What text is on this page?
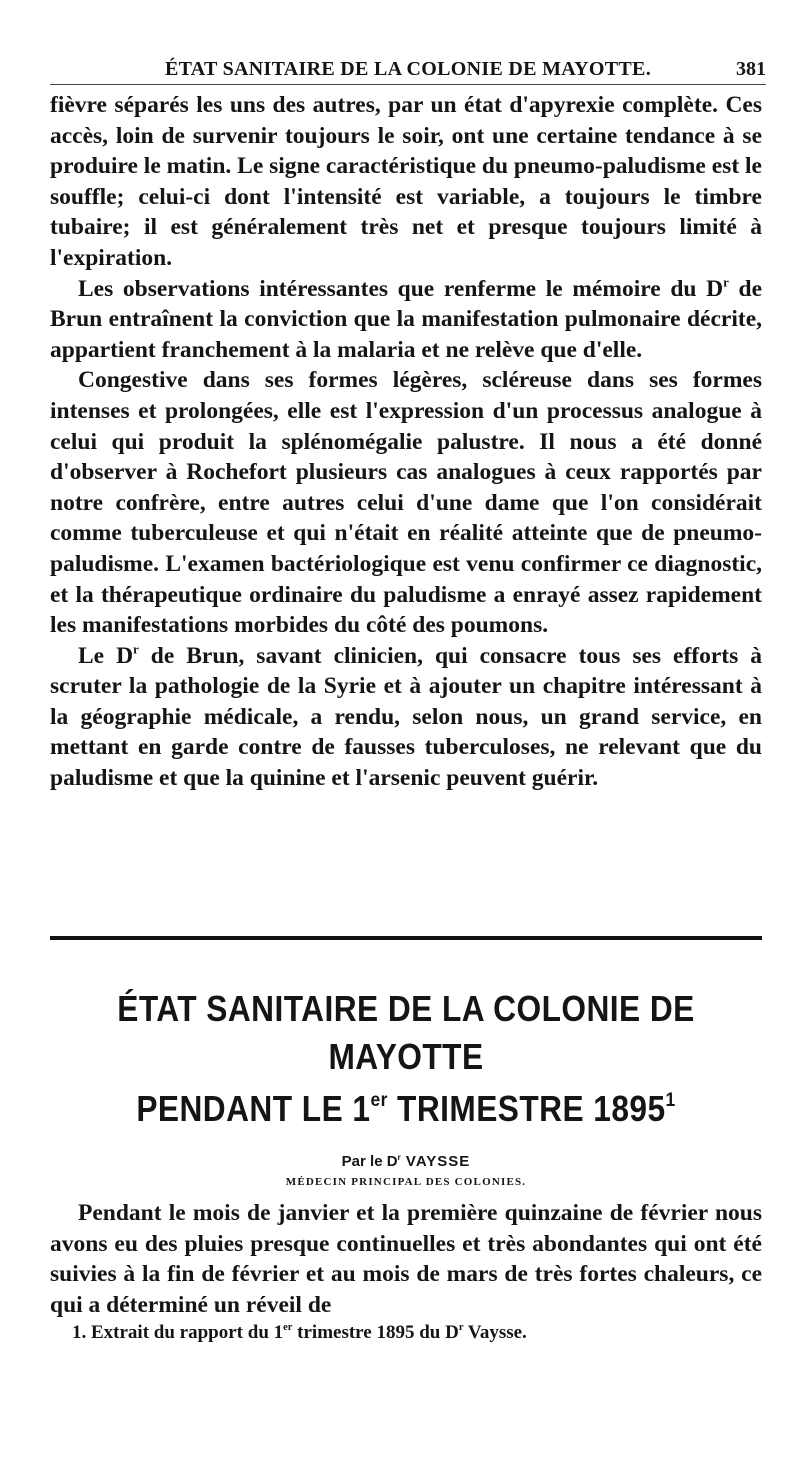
ÉTAT SANITAIRE DE LA COLONIE DE MAYOTTE.	381

fièvre séparés les uns des autres, par un état d'apyrexie complète. Ces accès, loin de survenir toujours le soir, ont une certaine tendance à se produire le matin. Le signe caractéristique du pneumo-paludisme est le souffle; celui-ci dont l'intensité est variable, a toujours le timbre tubaire; il est généralement très net et presque toujours limité à l'expiration.

Les observations intéressantes que renferme le mémoire du $D^r$ de Brun entraînent la conviction que la manifestation pulmonaire décrite, appartient franchement à la malaria et ne relève que d'elle.

Congestive dans ses formes légères, scléreuse dans ses formes intenses et prolongées, elle est l'expression d'un processus analogue à celui qui produit la splénomégalie palustre. Il nous a été donné d'observer à Rochefort plusieurs cas analogues à ceux rapportés par notre confrère, entre autres celui d'une dame que l'on considérait comme tuberculeuse et qui n'était en réalité atteinte que de pneumo-paludisme. L'examen bactériologique est venu confirmer ce diagnostic, et la thérapeutique ordinaire du paludisme a enrayé assez rapidement les manifestations morbides du côté des poumons.

Le $D^r$ de Brun, savant clinicien, qui consacre tous ses efforts à scruter la pathologie de la Syrie et à ajouter un chapitre intéressant à la géographie médicale, a rendu, selon nous, un grand service, en mettant en garde contre de fausses tuberculoses, ne relevant que du paludisme et que la quinine et l'arsenic peuvent guérir.

ÉTAT SANITAIRE DE LA COLONIE DE MAYOTTE
PENDANT LE 1er TRIMESTRE 1895$^1$
Par le $D^r$ VAYSSE
MÉDECIN PRINCIPAL DES COLONIES.

Pendant le mois de janvier et la première quinzaine de février nous avons eu des pluies presque continuelles et très abondantes qui ont été suivies à la fin de février et au mois de mars de très fortes chaleurs, ce qui a déterminé un réveil de

1. Extrait du rapport du 1er trimestre 1895 du $D^r$ Vaysse.
